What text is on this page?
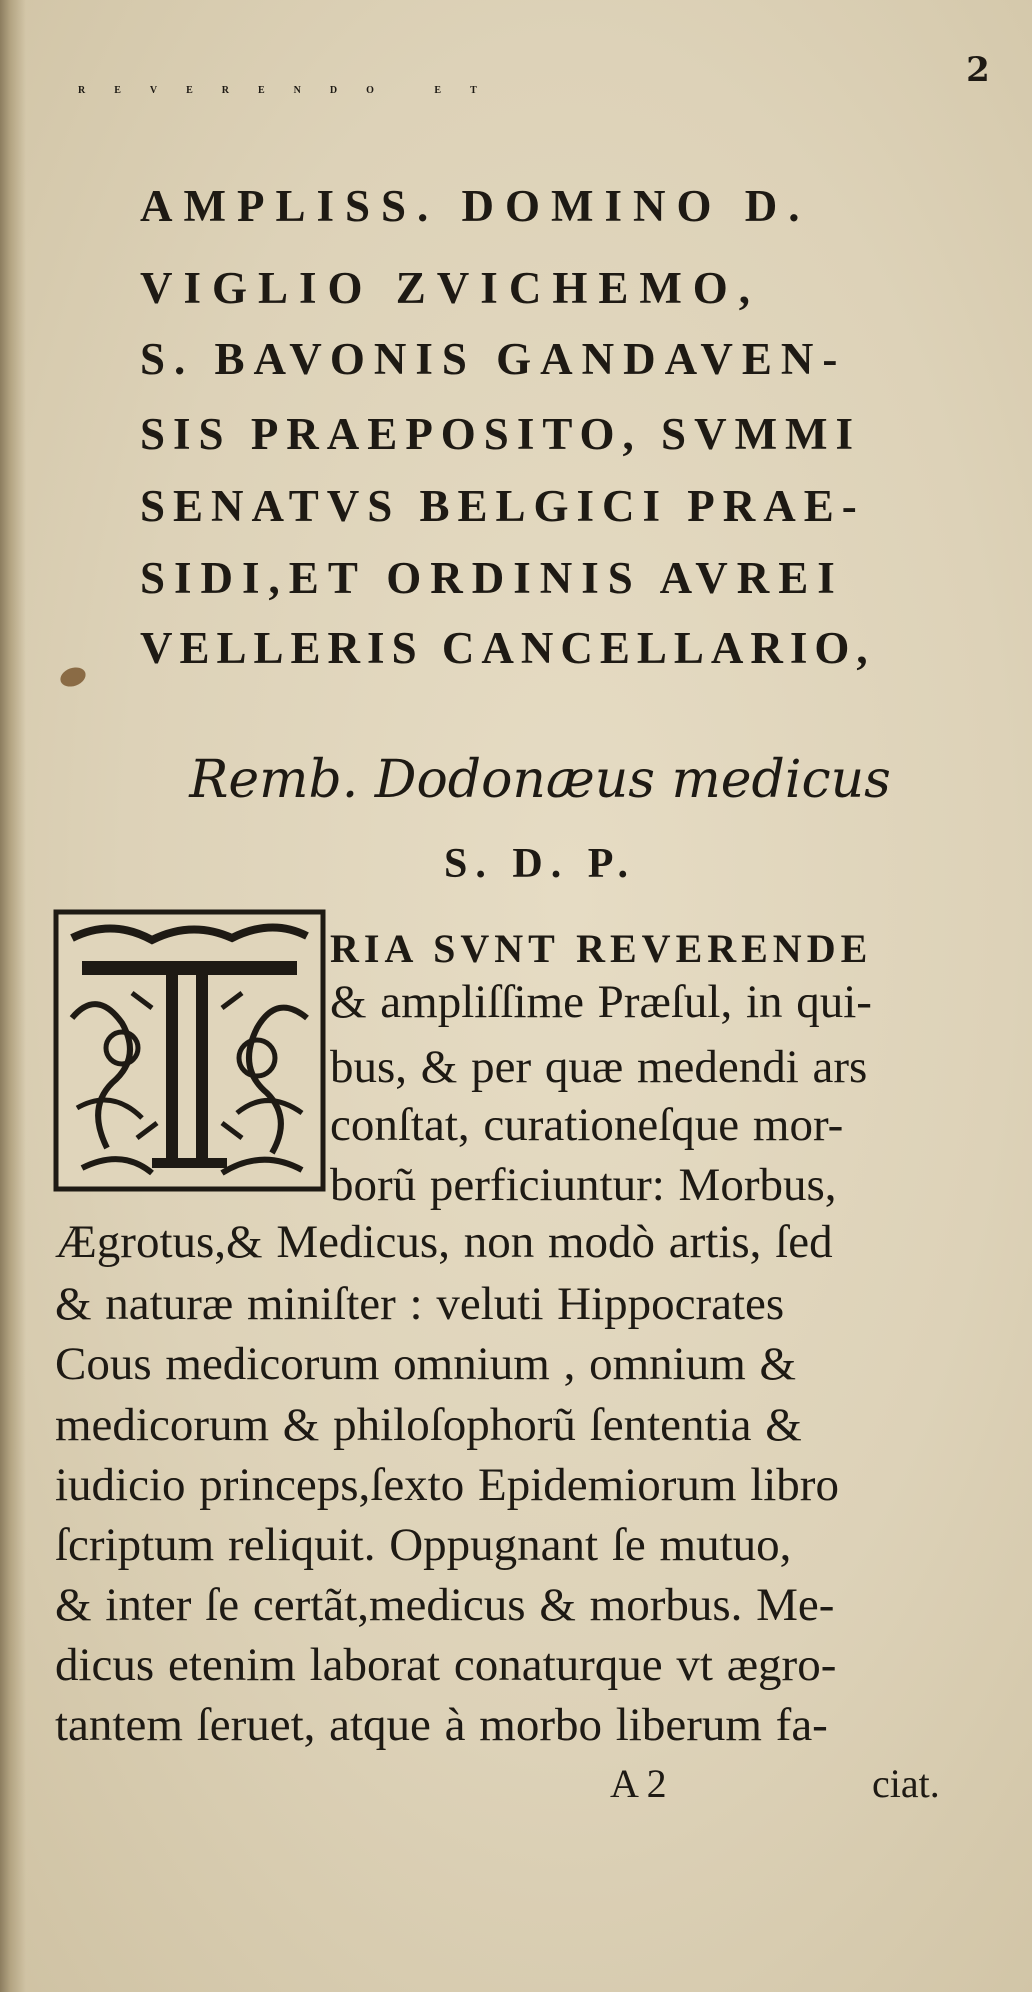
2

REVERENDO ET

AMPLISS. DOMINO D.

VIGLIO ZVICHEMO,

S. BAVONIS GANDAVEN-

SIS PRAEPOSITO, SVMMI

SENATVS BELGICI PRAE-

SIDI,ET ORDINIS AVREI

VELLERIS CANCELLARIO,

Remb. Dodonæus medicus
S. D. P.

RIA SVNT REVERENDE

& ampliſſime Præſul, in qui-

bus, & per quæ medendi ars

conſtat, curationeſque mor-

borũ perficiuntur: Morbus,

Ægrotus,& Medicus, non modò artis, ſed

& naturæ miniſter : veluti Hippocrates

Cous medicorum omnium , omnium &

medicorum & philoſophorũ ſententia &

iudicio princeps,ſexto Epidemiorum libro

ſcriptum reliquit. Oppugnant ſe mutuo,

& inter ſe certãt,medicus & morbus. Me-

dicus etenim laborat conaturque vt ægro-

tantem ſeruet, atque à morbo liberum fa-

A 2	ciat.
